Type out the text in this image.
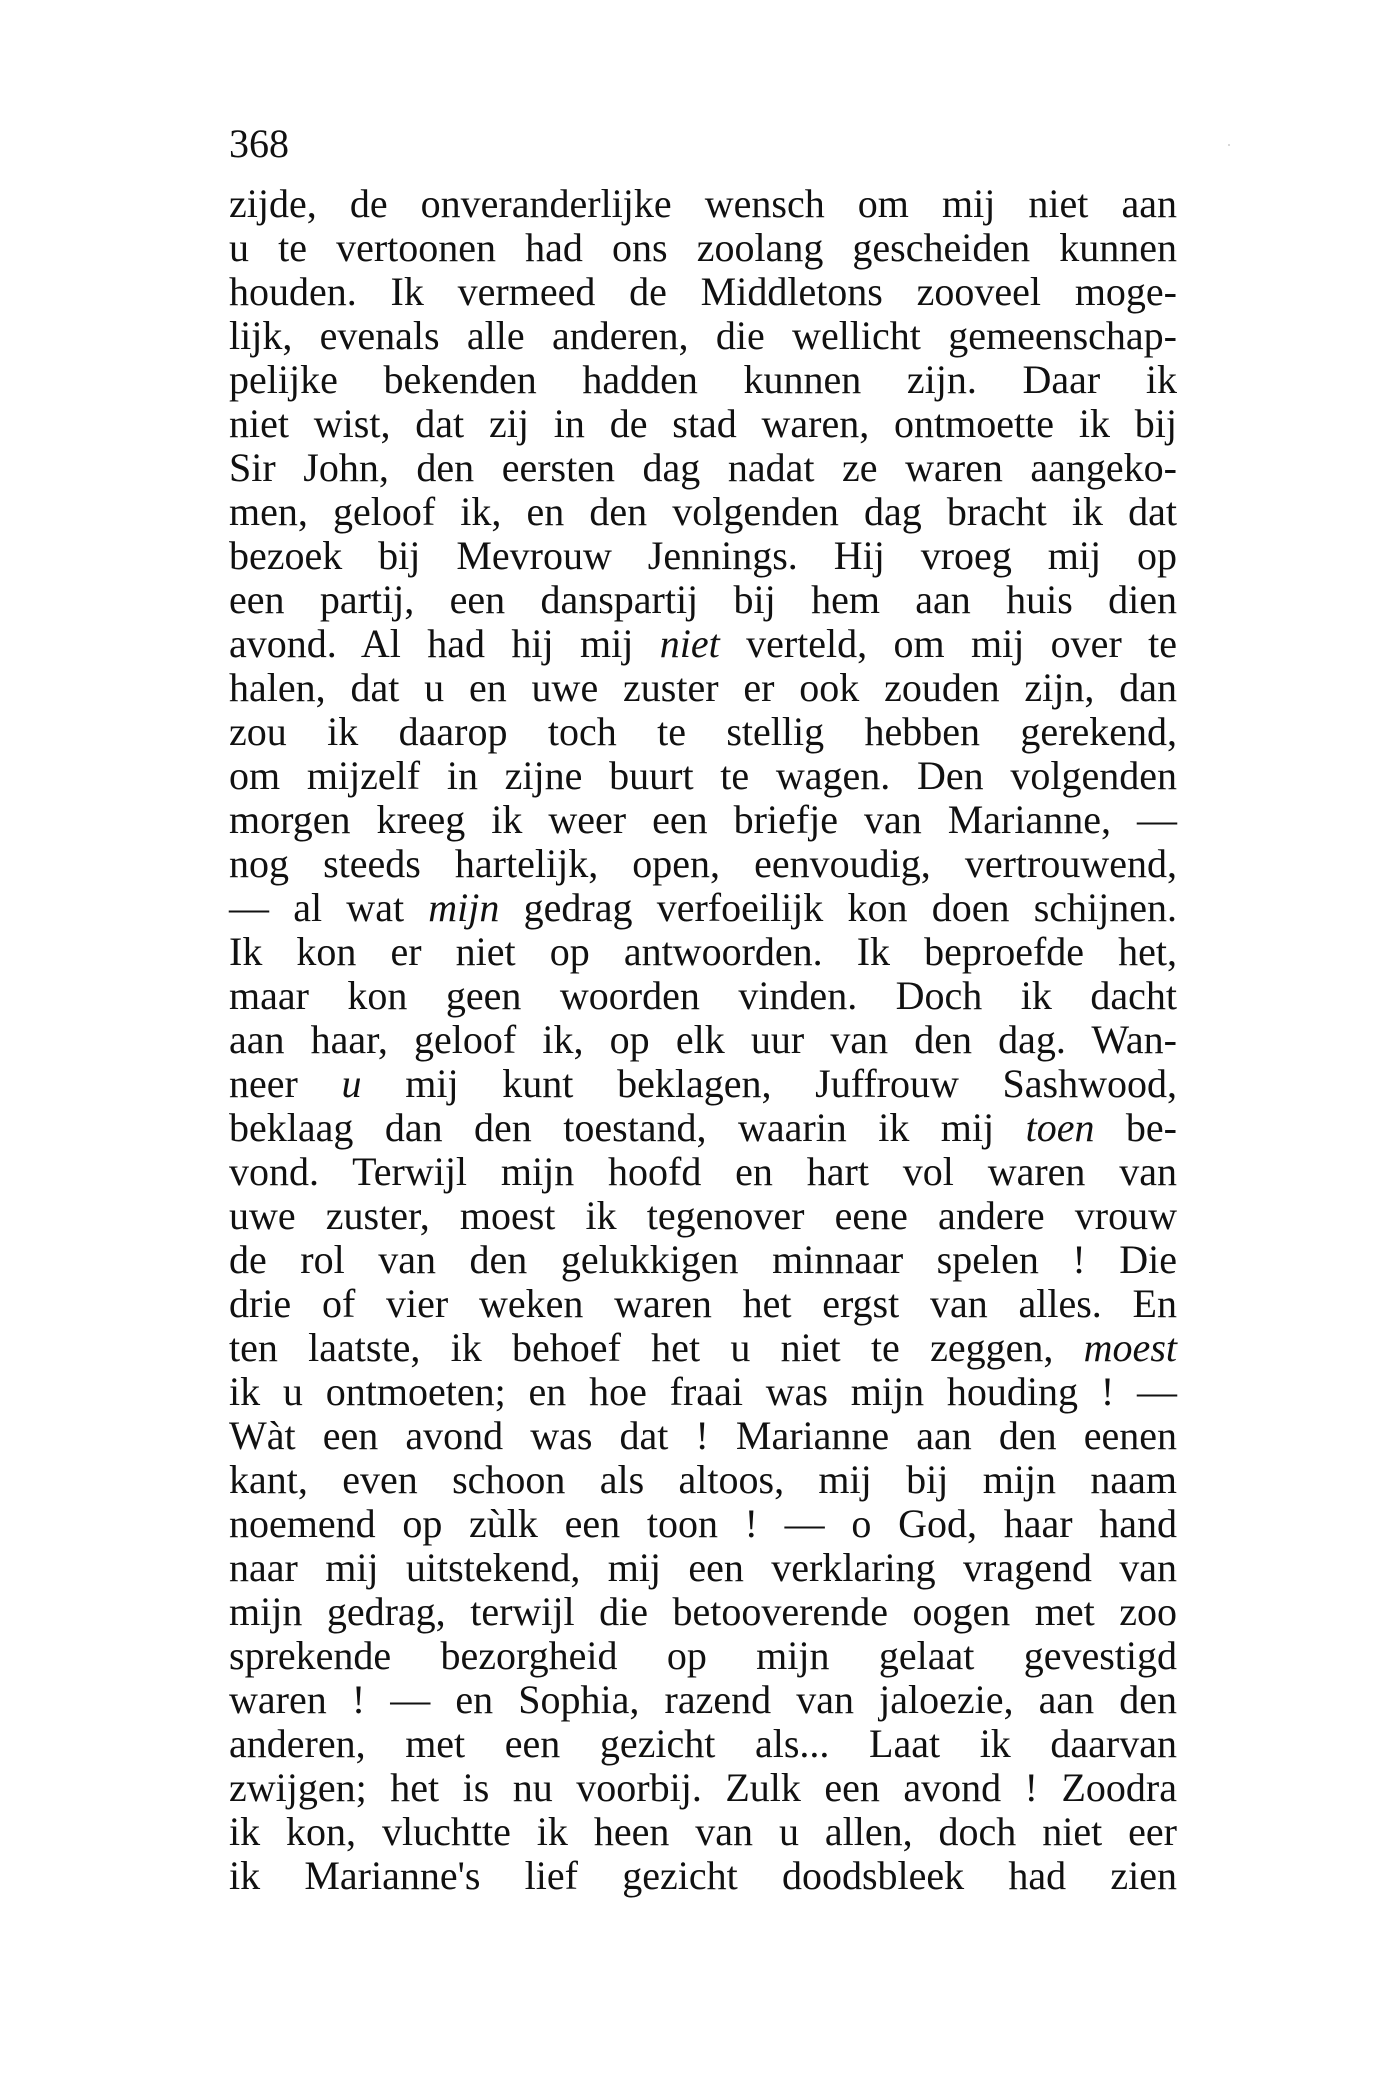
368
zijde, de onveranderlijke wensch om mij niet aan
u te vertoonen had ons zoolang gescheiden kunnen
houden. Ik vermeed de Middletons zooveel moge-
lijk, evenals alle anderen, die wellicht gemeenschap-
pelijke bekenden hadden kunnen zijn. Daar ik
niet wist, dat zij in de stad waren, ontmoette ik bij
Sir John, den eersten dag nadat ze waren aangeko-
men, geloof ik, en den volgenden dag bracht ik dat
bezoek bij Mevrouw Jennings. Hij vroeg mij op
een partij, een danspartij bij hem aan huis dien
avond. Al had hij mij niet verteld, om mij over te
halen, dat u en uwe zuster er ook zouden zijn, dan
zou ik daarop toch te stellig hebben gerekend,
om mijzelf in zijne buurt te wagen. Den volgenden
morgen kreeg ik weer een briefje van Marianne, —
nog steeds hartelijk, open, eenvoudig, vertrouwend,
— al wat mijn gedrag verfoeilijk kon doen schijnen.
Ik kon er niet op antwoorden. Ik beproefde het,
maar kon geen woorden vinden. Doch ik dacht
aan haar, geloof ik, op elk uur van den dag. Wan-
neer u mij kunt beklagen, Juffrouw Sashwood,
beklaag dan den toestand, waarin ik mij toen be-
vond. Terwijl mijn hoofd en hart vol waren van
uwe zuster, moest ik tegenover eene andere vrouw
de rol van den gelukkigen minnaar spelen ! Die
drie of vier weken waren het ergst van alles. En
ten laatste, ik behoef het u niet te zeggen, moest
ik u ontmoeten; en hoe fraai was mijn houding ! —
Wàt een avond was dat ! Marianne aan den eenen
kant, even schoon als altoos, mij bij mijn naam
noemend op zùlk een toon ! — o God, haar hand
naar mij uitstekend, mij een verklaring vragend van
mijn gedrag, terwijl die betooverende oogen met zoo
sprekende bezorgheid op mijn gelaat gevestigd
waren ! — en Sophia, razend van jaloezie, aan den
anderen, met een gezicht als... Laat ik daarvan
zwijgen; het is nu voorbij. Zulk een avond ! Zoodra
ik kon, vluchtte ik heen van u allen, doch niet eer
ik Marianne's lief gezicht doodsbleek had zien
